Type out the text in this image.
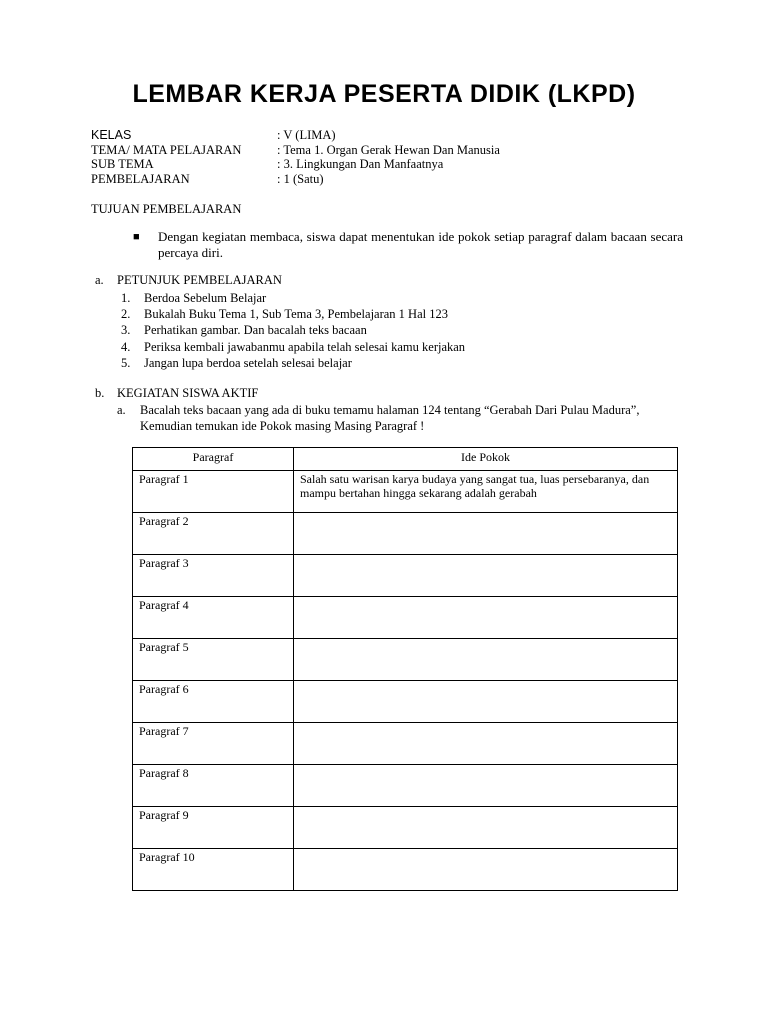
LEMBAR KERJA PESERTA DIDIK (LKPD)
KELAS	: V (LIMA)
TEMA/ MATA PELAJARAN	: Tema 1. Organ Gerak Hewan Dan Manusia
SUB TEMA	: 3. Lingkungan Dan Manfaatnya
PEMBELAJARAN	: 1 (Satu)
TUJUAN PEMBELAJARAN
■	Dengan kegiatan membaca, siswa dapat menentukan ide pokok setiap paragraf dalam bacaan secara percaya diri.
a.	PETUNJUK PEMBELAJARAN
1.	Berdoa Sebelum Belajar
2.	Bukalah Buku Tema 1, Sub Tema 3, Pembelajaran 1 Hal 123
3.	Perhatikan gambar. Dan bacalah teks bacaan
4.	Periksa kembali jawabanmu apabila telah selesai kamu kerjakan
5.	Jangan lupa berdoa setelah selesai belajar
b.	KEGIATAN SISWA AKTIF
a.	Bacalah teks bacaan yang ada di buku temamu halaman 124 tentang “Gerabah Dari Pulau Madura”, Kemudian temukan ide Pokok masing Masing Paragraf !
Paragraf	Ide Pokok
Paragraf 1	Salah satu warisan karya budaya yang sangat tua, luas persebaranya, dan mampu bertahan hingga sekarang adalah gerabah
Paragraf 2	
Paragraf 3	
Paragraf 4	
Paragraf 5	
Paragraf 6	
Paragraf 7	
Paragraf 8	
Paragraf 9	
Paragraf 10	
